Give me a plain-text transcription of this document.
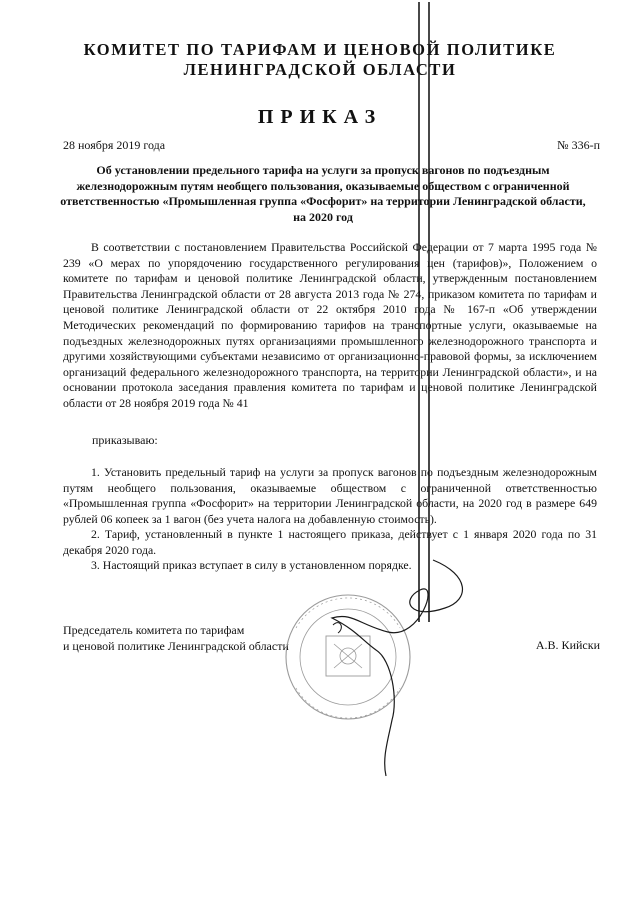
КОМИТЕТ ПО ТАРИФАМ И ЦЕНОВОЙ ПОЛИТИКЕ
ЛЕНИНГРАДСКОЙ ОБЛАСТИ
ПРИКАЗ
28 ноября 2019 года	№ 336-п
Об установлении предельного тарифа на услуги за пропуск вагонов по подъездным железнодорожным путям необщего пользования, оказываемые обществом с ограниченной ответственностью «Промышленная группа «Фосфорит» на территории Ленинградской области, на 2020 год

В соответствии с постановлением Правительства Российской Федерации от 7 марта 1995 года № 239 «О мерах по упорядочению государственного регулирования цен (тарифов)», Положением о комитете по тарифам и ценовой политике Ленинградской области, утвержденным постановлением Правительства Ленинградской области от 28 августа 2013 года № 274, приказом комитета по тарифам и ценовой политике Ленинградской области от 22 октября 2010 года № 167-п «Об утверждении Методических рекомендаций по формированию тарифов на транспортные услуги, оказываемые на подъездных железнодорожных путях организациями промышленного железнодорожного транспорта и другими хозяйствующими субъектами независимо от организационно-правовой формы, за исключением организаций федерального железнодорожного транспорта, на территории Ленинградской области», и на основании протокола заседания правления комитета по тарифам и ценовой политике Ленинградской области от 28 ноября 2019 года № 41

приказываю:

1. Установить предельный тариф на услуги за пропуск вагонов по подъездным железнодорожным путям необщего пользования, оказываемые обществом с ограниченной ответственностью «Промышленная группа «Фосфорит» на территории Ленинградской области, на 2020 год в размере 649 рублей 06 копеек за 1 вагон (без учета налога на добавленную стоимость).

2. Тариф, установленный в пункте 1 настоящего приказа, действует с 1 января 2020 года по 31 декабря 2020 года.

3. Настоящий приказ вступает в силу в установленном порядке.

Председатель комитета по тарифам
и ценовой политике Ленинградской области	А.В. Кийски
